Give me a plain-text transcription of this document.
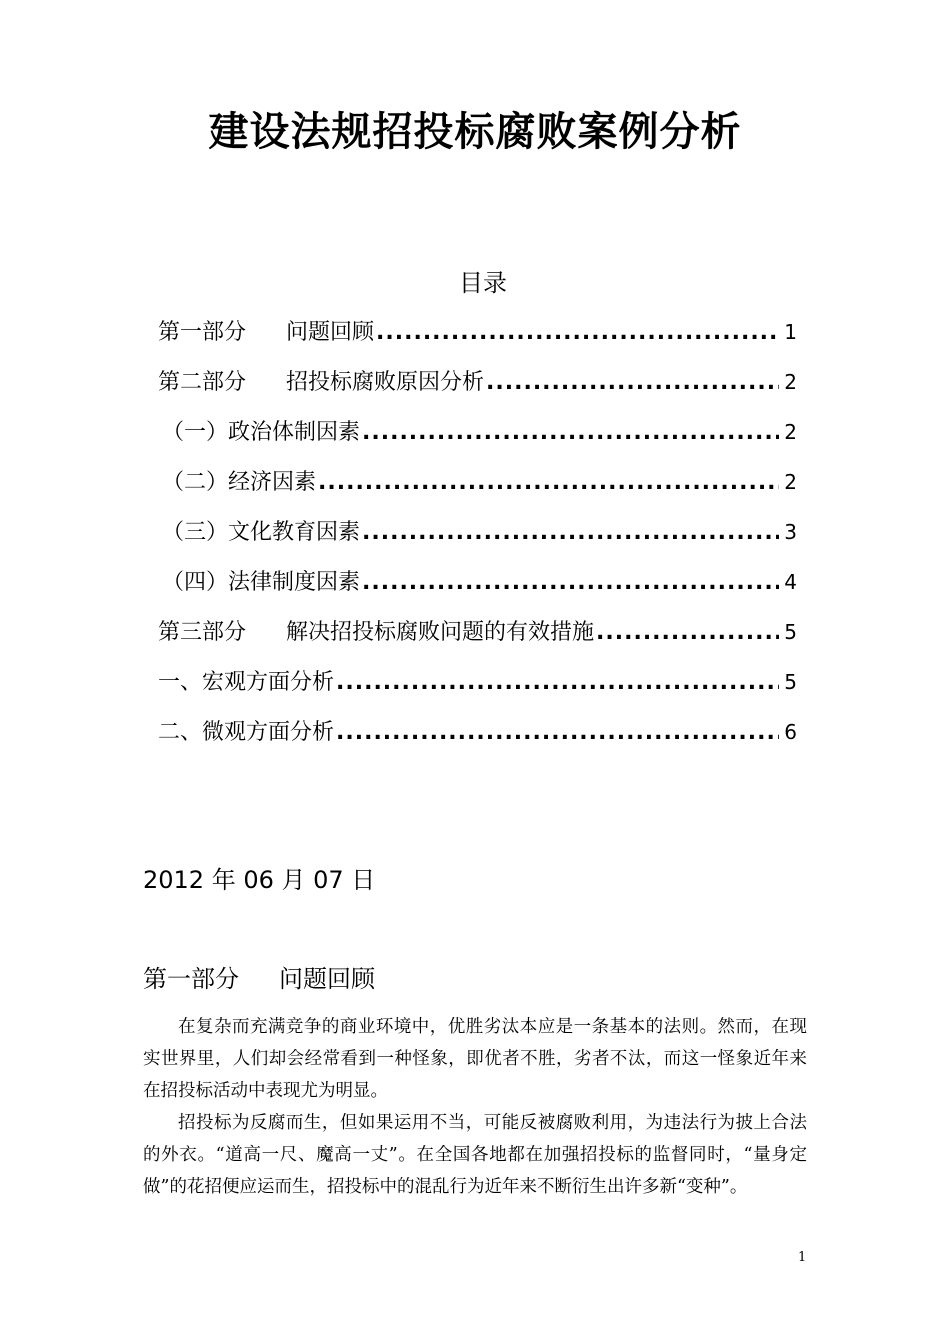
建设法规招投标腐败案例分析
目录
第一部分 问题回顾 .....	1
第二部分 招投标腐败原因分析 .....	2
（一）政治体制因素 .....	2
（二）经济因素 .....	2
（三）文化教育因素 .....	3
（四）法律制度因素 .....	4
第三部分 解决招投标腐败问题的有效措施 .....	5
一、宏观方面分析 .....	5
二、微观方面分析 .....	6
2012 年 06 月 07 日
第一部分 问题回顾

在复杂而充满竞争的商业环境中，优胜劣汰本应是一条基本的法则。然而，在现实世界里，人们却会经常看到一种怪象，即优者不胜，劣者不汰，而这一怪象近年来在招投标活动中表现尤为明显。

招投标为反腐而生，但如果运用不当，可能反被腐败利用，为违法行为披上合法的外衣。“道高一尺、魔高一丈”。在全国各地都在加强招投标的监督同时，“量身定做”的花招便应运而生，招投标中的混乱行为近年来不断衍生出许多新“变种”。

1
